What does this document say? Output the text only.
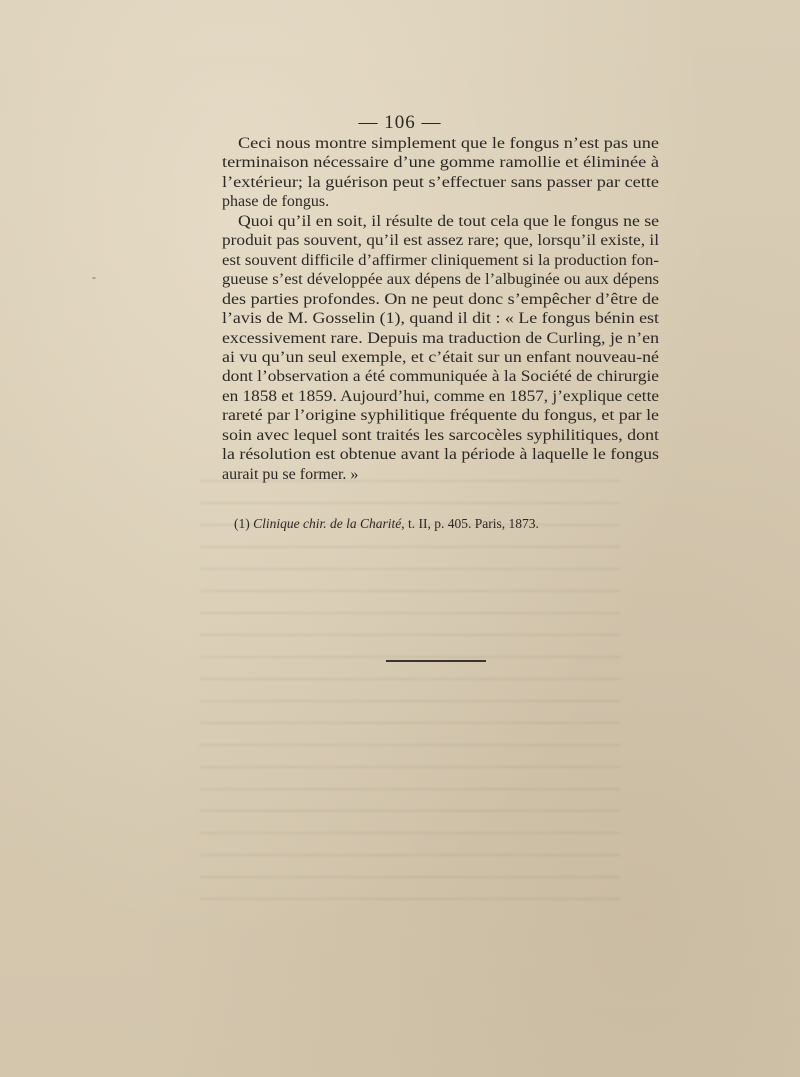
— 106 —
-
Ceci nous montre simplement que le fongus n’est pas une
terminaison nécessaire d’une gomme ramollie et éliminée à
l’extérieur; la guérison peut s’effectuer sans passer par cette
phase de fongus.
Quoi qu’il en soit, il résulte de tout cela que le fongus ne se
produit pas souvent, qu’il est assez rare; que, lorsqu’il existe, il
est souvent difficile d’affirmer cliniquement si la production fon-
gueuse s’est développée aux dépens de l’albuginée ou aux dépens
des parties profondes. On ne peut donc s’empêcher d’être de
l’avis de M. Gosselin (1), quand il dit : « Le fongus bénin est
excessivement rare. Depuis ma traduction de Curling, je n’en
ai vu qu’un seul exemple, et c’était sur un enfant nouveau-né
dont l’observation a été communiquée à la Société de chirurgie
en 1858 et 1859. Aujourd’hui, comme en 1857, j’explique cette
rareté par l’origine syphilitique fréquente du fongus, et par le
soin avec lequel sont traités les sarcocèles syphilitiques, dont
la résolution est obtenue avant la période à laquelle le fongus
aurait pu se former. »
(1) Clinique chir. de la Charité, t. II, p. 405. Paris, 1873.
